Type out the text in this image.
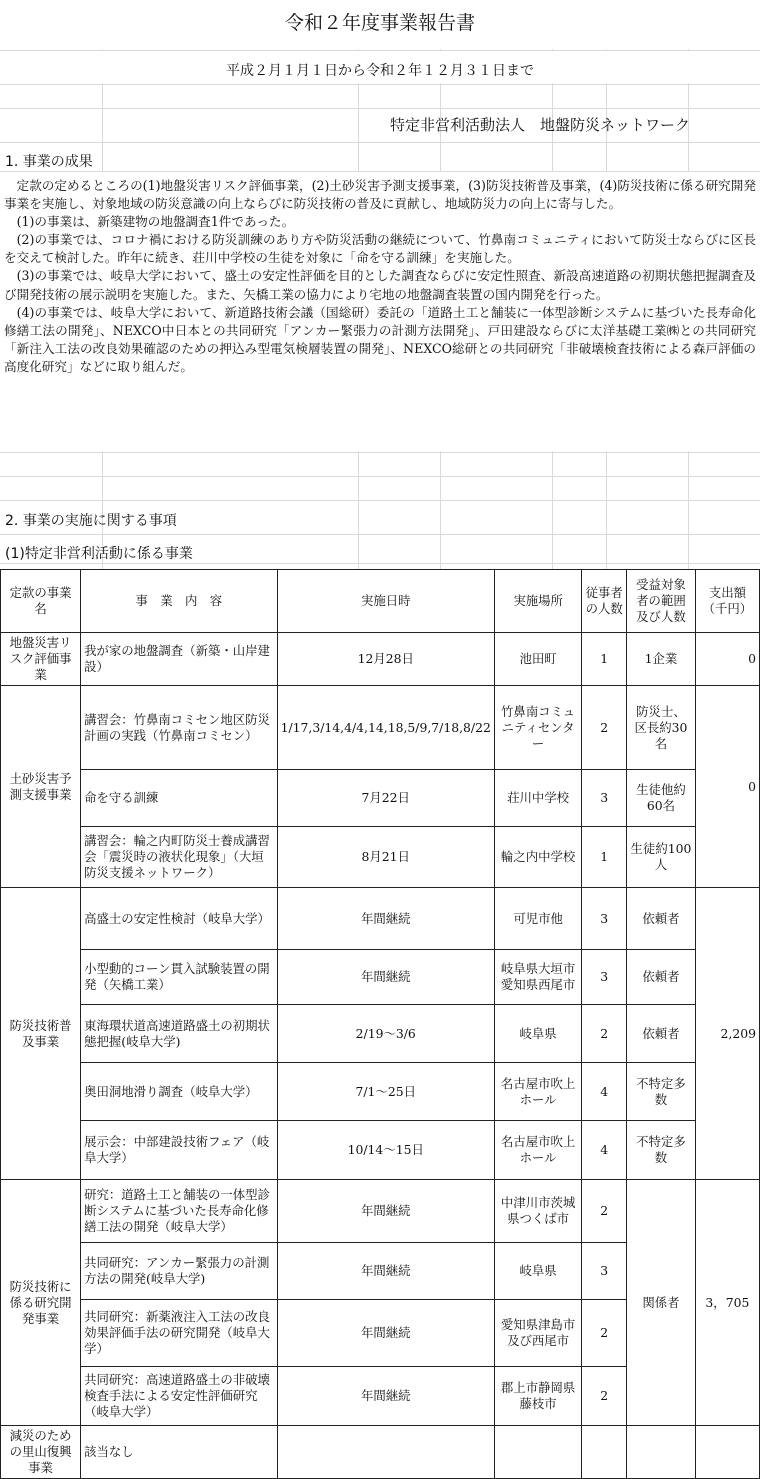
令和２年度事業報告書
平成２月１月１日から令和２年１２月３１日まで
特定非営利活動法人　地盤防災ネットワーク
1. 事業の成果

定款の定めるところの(1)地盤災害リスク評価事業，(2)土砂災害予測支援事業，(3)防災技術普及事業，(4)防災技術に係る研究開発事業を実施し、対象地域の防災意識の向上ならびに防災技術の普及に貢献し、地域防災力の向上に寄与した。

(1)の事業は、新築建物の地盤調査1件であった。

(2)の事業では、コロナ禍における防災訓練のあり方や防災活動の継続について、竹鼻南コミュニティにおいて防災士ならびに区長を交えて検討した。昨年に続き、荘川中学校の生徒を対象に「命を守る訓練」を実施した。

(3)の事業では、岐阜大学において、盛土の安定性評価を目的とした調査ならびに安定性照査、新設高速道路の初期状態把握調査及び開発技術の展示説明を実施した。また、矢橋工業の協力により宅地の地盤調査装置の国内開発を行った。

(4)の事業では、岐阜大学において、新道路技術会議（国総研）委託の「道路土工と舗装に一体型診断システムに基づいた長寿命化修繕工法の開発」、NEXCO中日本との共同研究「アンカー緊張力の計測方法開発」、戸田建設ならびに太洋基礎工業㈱との共同研究「新注入工法の改良効果確認のための押込み型電気検層装置の開発」、NEXCO総研との共同研究「非破壊検査技術による森戸評価の高度化研究」などに取り組んだ。

2. 事業の実施に関する事項
(1)特定非営利活動に係る事業
定款の事業名	事　業　内　容	実施日時	実施場所	従事者の人数	受益対象者の範囲及び人数	支出額（千円）
地盤災害リスク評価事業	我が家の地盤調査（新築・山岸建設）	12月28日	池田町	1	1企業	0
土砂災害予測支援事業	講習会：竹鼻南コミセン地区防災計画の実践（竹鼻南コミセン）	1/17,3/14,4/4,14,18,5/9,7/18,8/22	竹鼻南コミュニティセンター	2	防災士、区長約30名	0
	命を守る訓練	7月22日	荘川中学校	3	生徒他約60名	
	講習会：輪之内町防災士養成講習会「震災時の液状化現象」（大垣防災支援ネットワーク）	8月21日	輪之内中学校	1	生徒約100人	
防災技術普及事業	高盛土の安定性検討（岐阜大学）	年間継続	可児市他	3	依頼者	2,209
	小型動的コーン貫入試験装置の開発（矢橋工業）	年間継続	岐阜県大垣市愛知県西尾市	3	依頼者	
	東海環状道高速道路盛土の初期状態把握(岐阜大学)	2/19～3/6	岐阜県	2	依頼者	
	奥田洞地滑り調査（岐阜大学）	7/1～25日	名古屋市吹上ホール	4	不特定多数	
	展示会：中部建設技術フェア（岐阜大学）	10/14～15日	名古屋市吹上ホール	4	不特定多数	
防災技術に係る研究開発事業	研究：道路土工と舗装の一体型診断システムに基づいた長寿命化修繕工法の開発（岐阜大学）	年間継続	中津川市茨城県つくば市	2	関係者	3，705
	共同研究：アンカー緊張力の計測方法の開発(岐阜大学)	年間継続	岐阜県	3		
	共同研究：新薬液注入工法の改良効果評価手法の研究開発（岐阜大学）	年間継続	愛知県津島市及び西尾市	2		
	共同研究：高速道路盛土の非破壊検査手法による安定性評価研究（岐阜大学）	年間継続	郡上市静岡県藤枝市	2		
減災のための里山復興事業	該当なし					
